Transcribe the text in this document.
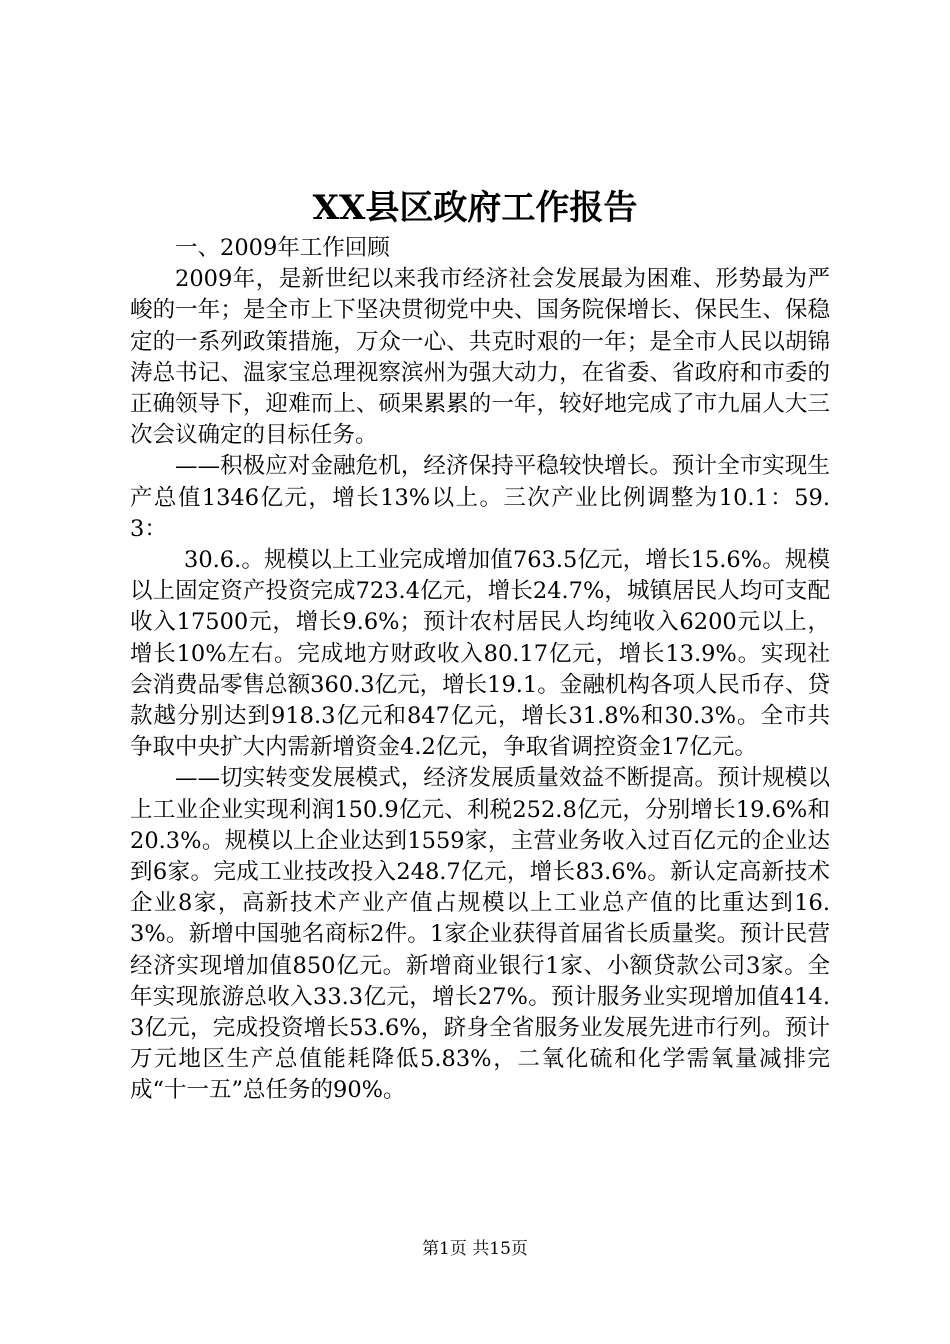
XX县区政府工作报告

一、2009年工作回顾

2009年，是新世纪以来我市经济社会发展最为困难、形势最为严峻的一年；是全市上下坚决贯彻党中央、国务院保增长、保民生、保稳定的一系列政策措施，万众一心、共克时艰的一年；是全市人民以胡锦涛总书记、温家宝总理视察滨州为强大动力，在省委、省政府和市委的正确领导下，迎难而上、硕果累累的一年，较好地完成了市九届人大三次会议确定的目标任务。

——积极应对金融危机，经济保持平稳较快增长。预计全市实现生产总值1346亿元，增长13%以上。三次产业比例调整为10.1：59.3：

30.6.。规模以上工业完成增加值763.5亿元，增长15.6%。规模以上固定资产投资完成723.4亿元，增长24.7%，城镇居民人均可支配收入17500元，增长9.6%；预计农村居民人均纯收入6200元以上，增长10%左右。完成地方财政收入80.17亿元，增长13.9%。实现社会消费品零售总额360.3亿元，增长19.1。金融机构各项人民币存、贷款越分别达到918.3亿元和847亿元，增长31.8%和30.3%。全市共争取中央扩大内需新增资金4.2亿元，争取省调控资金17亿元。

——切实转变发展模式，经济发展质量效益不断提高。预计规模以上工业企业实现利润150.9亿元、利税252.8亿元，分别增长19.6%和20.3%。规模以上企业达到1559家，主营业务收入过百亿元的企业达到6家。完成工业技改投入248.7亿元，增长83.6%。新认定高新技术企业8家，高新技术产业产值占规模以上工业总产值的比重达到16.3%。新增中国驰名商标2件。1家企业获得首届省长质量奖。预计民营经济实现增加值850亿元。新增商业银行1家、小额贷款公司3家。全年实现旅游总收入33.3亿元，增长27%。预计服务业实现增加值414.3亿元，完成投资增长53.6%，跻身全省服务业发展先进市行列。预计万元地区生产总值能耗降低5.83%，二氧化硫和化学需氧量减排完成“十一五”总任务的90%。

第1页 共15页
